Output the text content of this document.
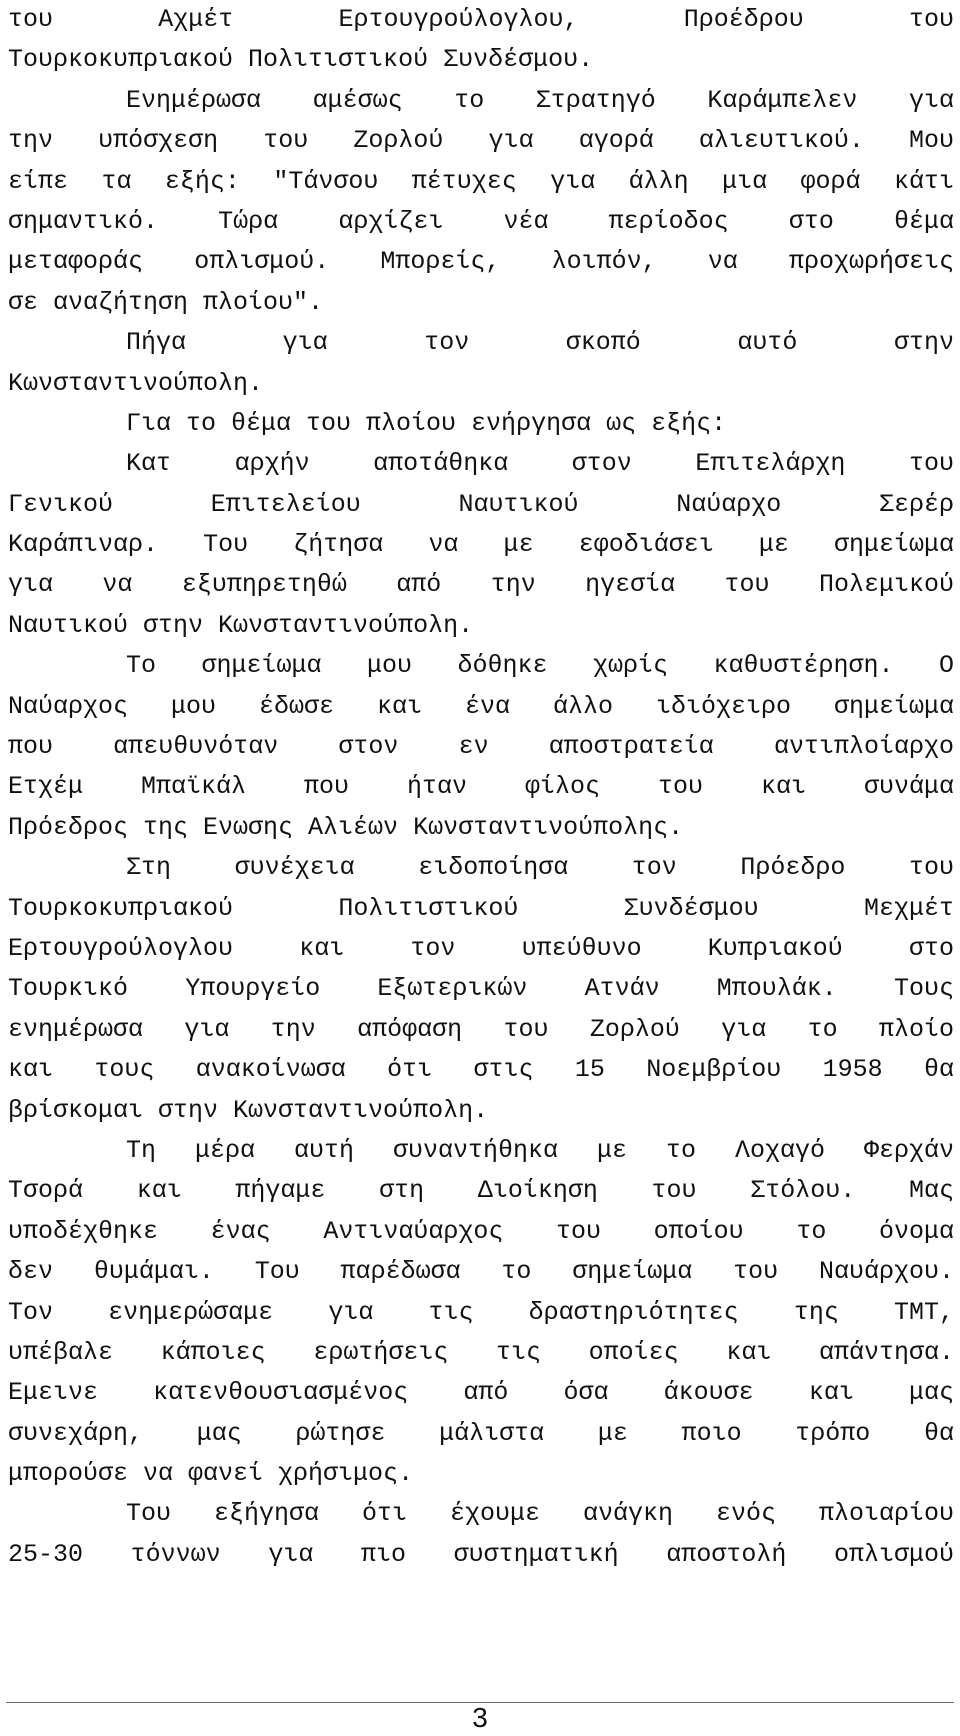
του Αχμέτ Ερτουγρούλογλου, Προέδρου του
Τουρκοκυπριακού Πολιτιστικού Συνδέσμου.
Ενημέρωσα αμέσως το Στρατηγό Καράμπελεν για
την υπόσχεση του Ζορλού για αγορά αλιευτικού. Μου
είπε τα εξής: "Τάνσου πέτυχες για άλλη μια φορά κάτι
σημαντικό. Τώρα αρχίζει νέα περίοδος στο θέμα
μεταφοράς οπλισμού. Μπορείς, λοιπόν, να προχωρήσεις
σε αναζήτηση πλοίου".
Πήγα για τον σκοπό αυτό στην
Κωνσταντινούπολη.
Για το θέμα του πλοίου ενήργησα ως εξής:
Κατ αρχήν αποτάθηκα στον Επιτελάρχη του
Γενικού Επιτελείου Ναυτικού Ναύαρχο Σερέρ
Καράπιναρ. Του ζήτησα να με εφοδιάσει με σημείωμα
για να εξυπηρετηθώ από την ηγεσία του Πολεμικού
Ναυτικού στην Κωνσταντινούπολη.
Το σημείωμα μου δόθηκε χωρίς καθυστέρηση. Ο
Ναύαρχος μου έδωσε και ένα άλλο ιδιόχειρο σημείωμα
που απευθυνόταν στον εν αποστρατεία αντιπλοίαρχο
Ετχέμ Μπαϊκάλ που ήταν φίλος του και συνάμα
Πρόεδρος της Ενωσης Αλιέων Κωνσταντινούπολης.
Στη συνέχεια ειδοποίησα τον Πρόεδρο του
Τουρκοκυπριακού Πολιτιστικού Συνδέσμου Μεχμέτ
Ερτουγρούλογλου και τον υπεύθυνο Κυπριακού στο
Τουρκικό Υπουργείο Εξωτερικών Ατνάν Μπουλάκ. Τους
ενημέρωσα για την απόφαση του Ζορλού για το πλοίο
και τους ανακοίνωσα ότι στις 15 Νοεμβρίου 1958 θα
βρίσκομαι στην Κωνσταντινούπολη.
Τη μέρα αυτή συναντήθηκα με το Λοχαγό Φερχάν
Τσορά και πήγαμε στη Διοίκηση του Στόλου. Μας
υποδέχθηκε ένας Αντιναύαρχος του οποίου το όνομα
δεν θυμάμαι. Του παρέδωσα το σημείωμα του Ναυάρχου.
Τον ενημερώσαμε για τις δραστηριότητες της ΤΜΤ,
υπέβαλε κάποιες ερωτήσεις τις οποίες και απάντησα.
Εμεινε κατενθουσιασμένος από όσα άκουσε και μας
συνεχάρη, μας ρώτησε μάλιστα με ποιο τρόπο θα
μπορούσε να φανεί χρήσιμος.
Του εξήγησα ότι έχουμε ανάγκη ενός πλοιαρίου
25-30 τόννων για πιο συστηματική αποστολή οπλισμού
3
